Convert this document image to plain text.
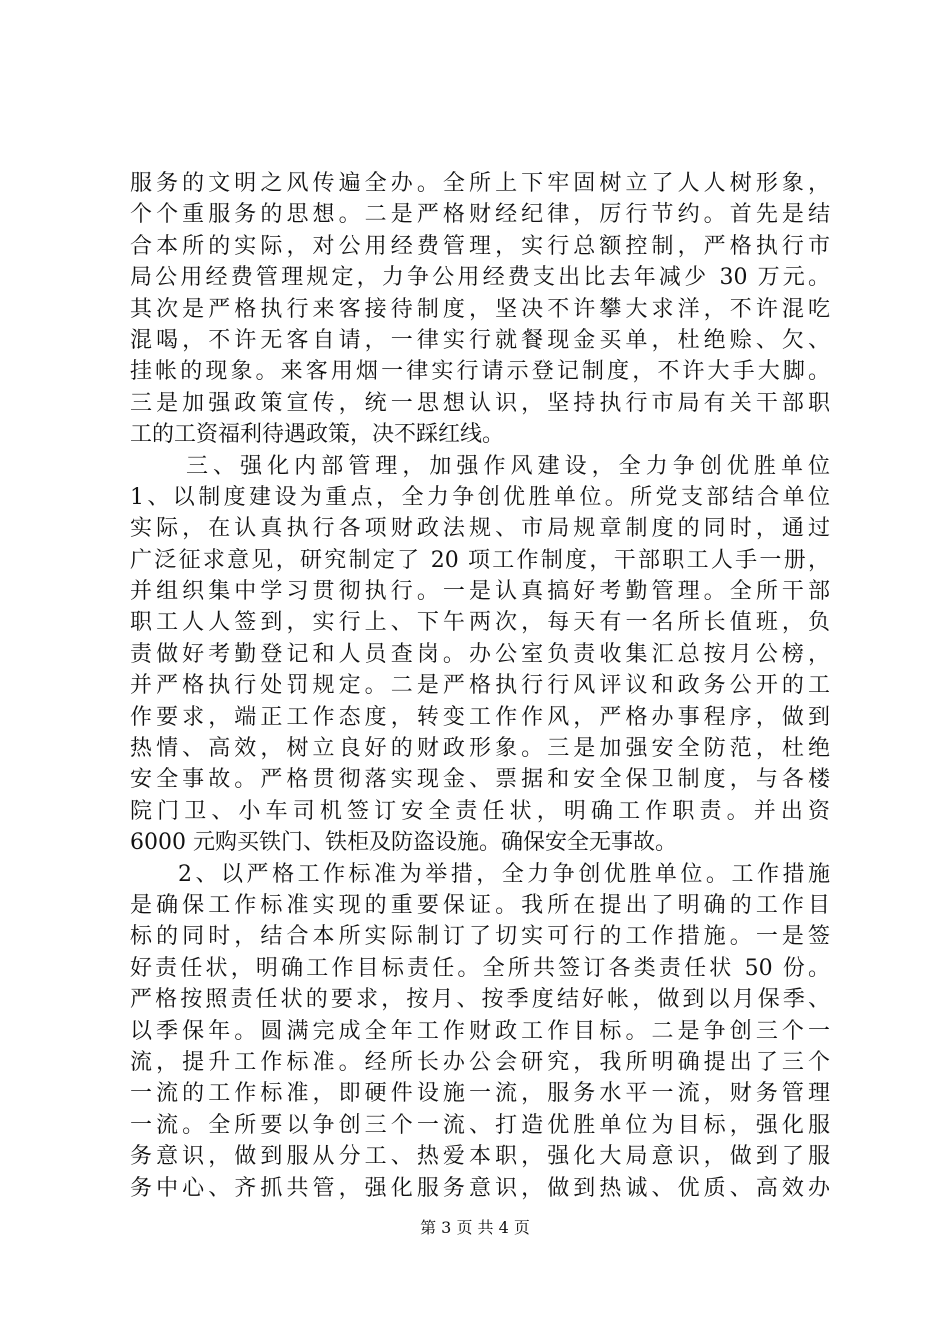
服务的文明之风传遍全办。全所上下牢固树立了人人树形象，
个个重服务的思想。二是严格财经纪律，厉行节约。首先是结
合本所的实际，对公用经费管理，实行总额控制，严格执行市
局公用经费管理规定，力争公用经费支出比去年减少 30 万元。
其次是严格执行来客接待制度，坚决不许攀大求洋，不许混吃
混喝，不许无客自请，一律实行就餐现金买单，杜绝赊、欠、
挂帐的现象。来客用烟一律实行请示登记制度，不许大手大脚。
三是加强政策宣传，统一思想认识，坚持执行市局有关干部职
工的工资福利待遇政策，决不踩红线。
三、强化内部管理，加强作风建设，全力争创优胜单位
1、以制度建设为重点，全力争创优胜单位。所党支部结合单位
实际，在认真执行各项财政法规、市局规章制度的同时，通过
广泛征求意见，研究制定了 20 项工作制度，干部职工人手一册，
并组织集中学习贯彻执行。一是认真搞好考勤管理。全所干部
职工人人签到，实行上、下午两次，每天有一名所长值班，负
责做好考勤登记和人员查岗。办公室负责收集汇总按月公榜，
并严格执行处罚规定。二是严格执行行风评议和政务公开的工
作要求，端正工作态度，转变工作作风，严格办事程序，做到
热情、高效，树立良好的财政形象。三是加强安全防范，杜绝
安全事故。严格贯彻落实现金、票据和安全保卫制度，与各楼
院门卫、小车司机签订安全责任状，明确工作职责。并出资
6000 元购买铁门、铁柜及防盗设施。确保安全无事故。
2、以严格工作标准为举措，全力争创优胜单位。工作措施
是确保工作标准实现的重要保证。我所在提出了明确的工作目
标的同时，结合本所实际制订了切实可行的工作措施。一是签
好责任状，明确工作目标责任。全所共签订各类责任状 50 份。
严格按照责任状的要求，按月、按季度结好帐，做到以月保季、
以季保年。圆满完成全年工作财政工作目标。二是争创三个一
流，提升工作标准。经所长办公会研究，我所明确提出了三个
一流的工作标准，即硬件设施一流，服务水平一流，财务管理
一流。全所要以争创三个一流、打造优胜单位为目标，强化服
务意识，做到服从分工、热爱本职，强化大局意识，做到了服
务中心、齐抓共管，强化服务意识，做到热诚、优质、高效办
第 3 页 共 4 页
